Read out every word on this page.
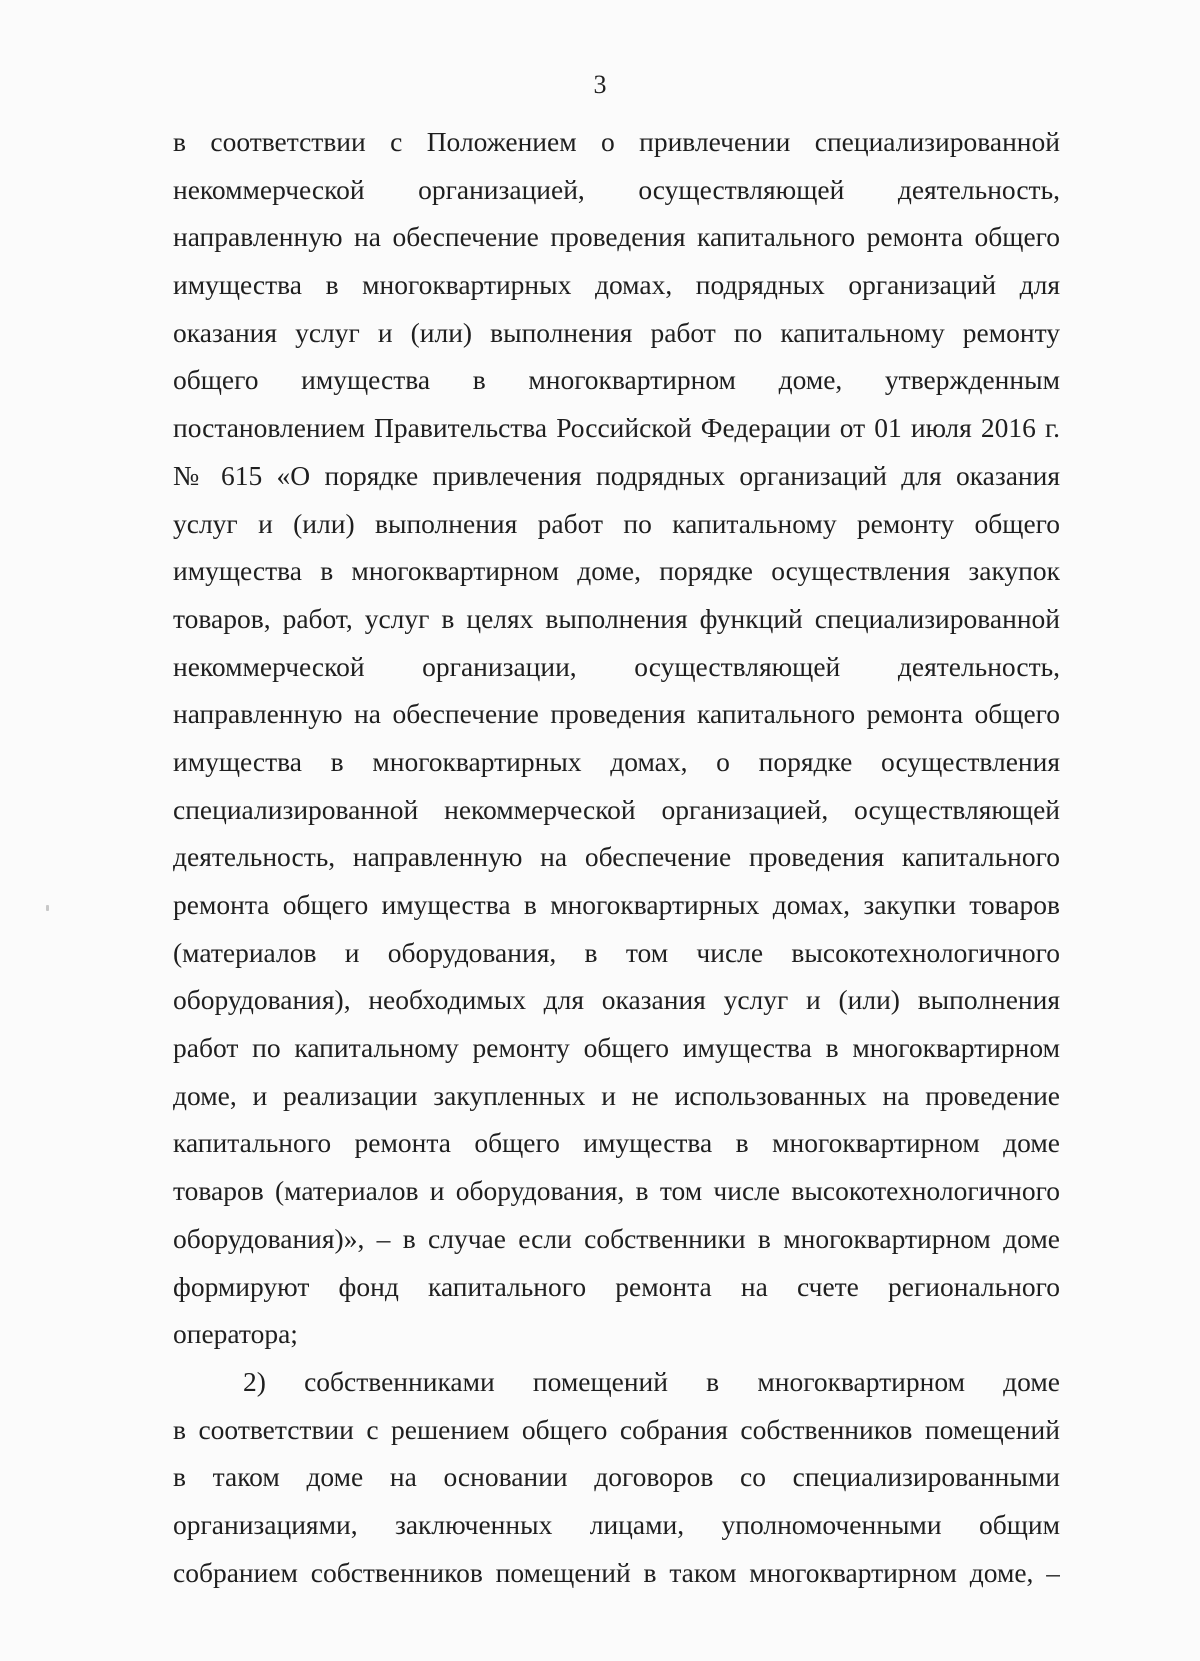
3
в соответствии с Положением о привлечении специализированной
некоммерческой организацией, осуществляющей деятельность,
направленную на обеспечение проведения капитального ремонта общего
имущества в многоквартирных домах, подрядных организаций для
оказания услуг и (или) выполнения работ по капитальному ремонту
общего имущества в многоквартирном доме, утвержденным
постановлением Правительства Российской Федерации от 01 июля 2016 г.
№ 615 «О порядке привлечения подрядных организаций для оказания
услуг и (или) выполнения работ по капитальному ремонту общего
имущества в многоквартирном доме, порядке осуществления закупок
товаров, работ, услуг в целях выполнения функций специализированной
некоммерческой организации, осуществляющей деятельность,
направленную на обеспечение проведения капитального ремонта общего
имущества в многоквартирных домах, о порядке осуществления
специализированной некоммерческой организацией, осуществляющей
деятельность, направленную на обеспечение проведения капитального
ремонта общего имущества в многоквартирных домах, закупки товаров
(материалов и оборудования, в том числе высокотехнологичного
оборудования), необходимых для оказания услуг и (или) выполнения
работ по капитальному ремонту общего имущества в многоквартирном
доме, и реализации закупленных и не использованных на проведение
капитального ремонта общего имущества в многоквартирном доме
товаров (материалов и оборудования, в том числе высокотехнологичного
оборудования)», – в случае если собственники в многоквартирном доме
формируют фонд капитального ремонта на счете регионального
оператора;
2) собственниками помещений в многоквартирном доме
в соответствии с решением общего собрания собственников помещений
в таком доме на основании договоров со специализированными
организациями, заключенных лицами, уполномоченными общим
собранием собственников помещений в таком многоквартирном доме, –
